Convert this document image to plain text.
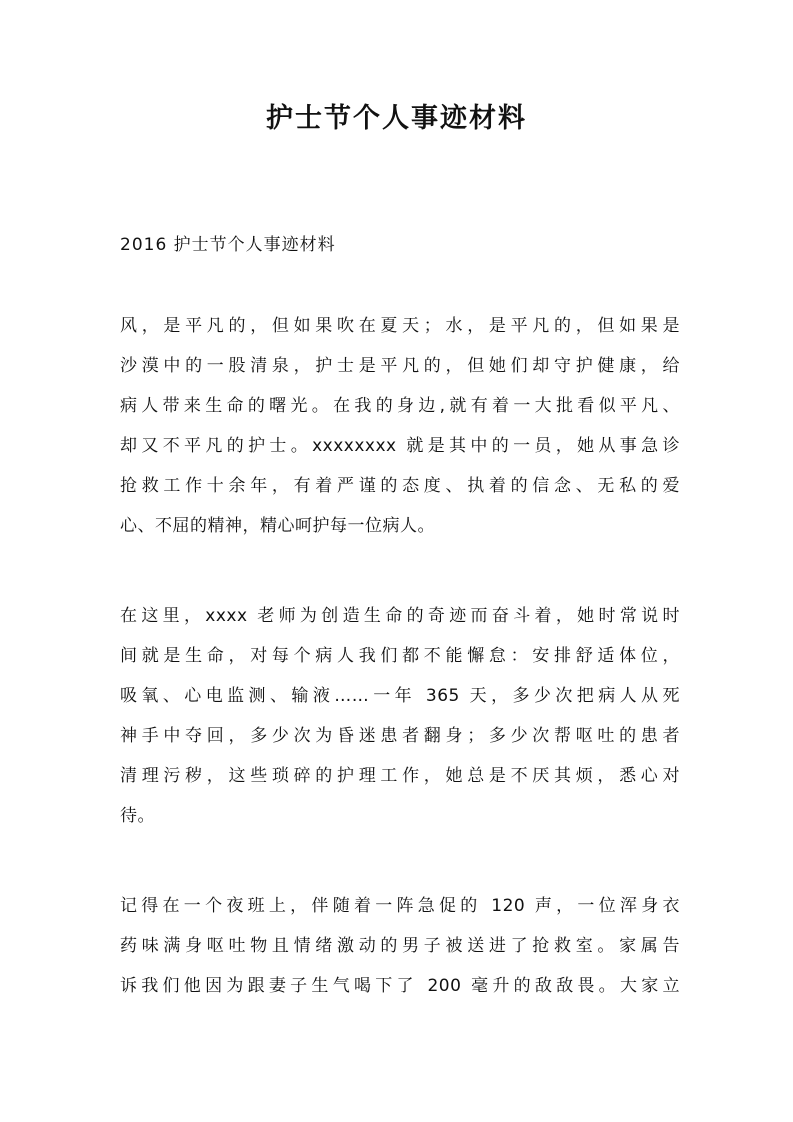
护士节个人事迹材料

2016 护士节个人事迹材料

风，是平凡的，但如果吹在夏天；水，是平凡的，但如果是
沙漠中的一股清泉，护士是平凡的，但她们却守护健康，给
病人带来生命的曙光。在我的身边,就有着一大批看似平凡、
却又不平凡的护士。xxxxxxxx 就是其中的一员，她从事急诊
抢救工作十余年，有着严谨的态度、执着的信念、无私的爱
心、不屈的精神，精心呵护每一位病人。
在这里，xxxx 老师为创造生命的奇迹而奋斗着，她时常说时
间就是生命，对每个病人我们都不能懈怠：安排舒适体位，
吸氧、心电监测、输液……一年 365 天，多少次把病人从死
神手中夺回，多少次为昏迷患者翻身；多少次帮呕吐的患者
清理污秽，这些琐碎的护理工作，她总是不厌其烦，悉心对
待。
记得在一个夜班上，伴随着一阵急促的 120 声，一位浑身衣
药味满身呕吐物且情绪激动的男子被送进了抢救室。家属告
诉我们他因为跟妻子生气喝下了 200 毫升的敌敌畏。大家立
